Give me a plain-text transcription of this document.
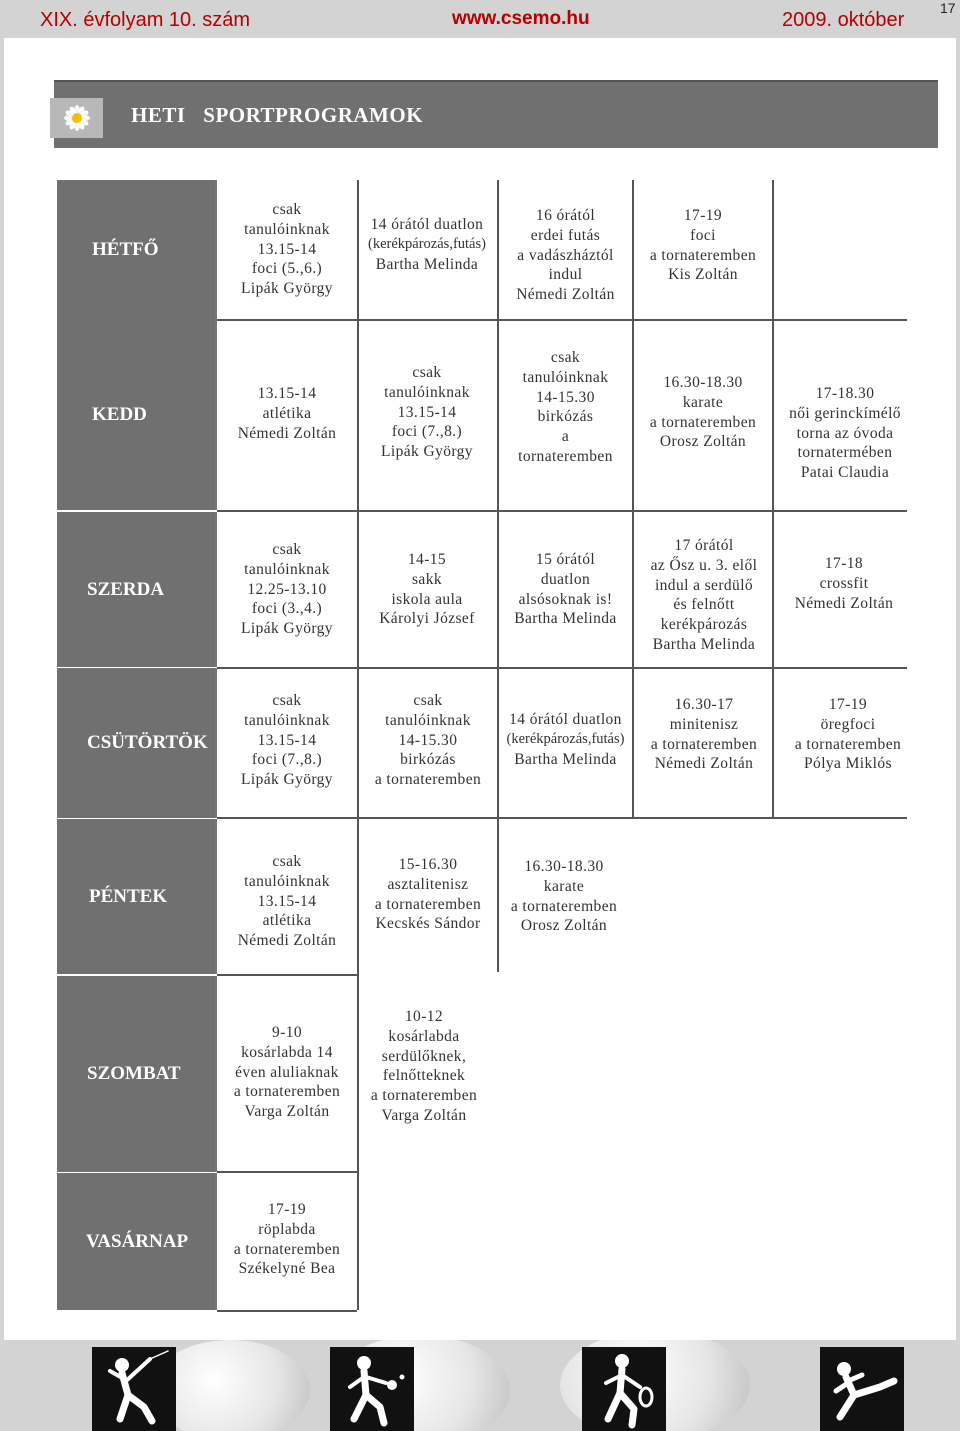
XIX. évfolyam 10. szám	www.csemo.hu	2009. október
17
HETI SPORTPROGRAMOK
HÉTFŐ
KEDD
SZERDA
CSÜTÖRTÖK
PÉNTEK
SZOMBAT
VASÁRNAP
csak
tanulóinknak
13.15-14
foci (5.,6.)
Lipák György
14 órától duatlon
(kerékpározás,futás)
Bartha Melinda
16 órától
erdei futás
a vadászháztól
indul
Némedi Zoltán
17-19
foci
a tornateremben
Kis Zoltán
13.15-14
atlétika
Némedi Zoltán
csak
tanulóinknak
13.15-14
foci (7.,8.)
Lipák György
csak
tanulóinknak
14-15.30
birkózás
a
tornateremben
16.30-18.30
karate
a tornateremben
Orosz Zoltán
17-18.30
női gerinckímélő
torna az óvoda
tornatermében
Patai Claudia
csak
tanulóinknak
12.25-13.10
foci (3.,4.)
Lipák György
14-15
sakk
iskola aula
Károlyi József
15 órától
duatlon
alsósoknak is!
Bartha Melinda
17 órától
az Ősz u. 3. elől
indul a serdülő
és felnőtt
kerékpározás
Bartha Melinda
17-18
crossfit
Némedi Zoltán
csak
tanulóinknak
13.15-14
foci (7.,8.)
Lipák György
csak
tanulóinknak
14-15.30
birkózás
a tornateremben
14 órától duatlon
(kerékpározás,futás)
Bartha Melinda
16.30-17
minitenisz
a tornateremben
Némedi Zoltán
17-19
öregfoci
a tornateremben
Pólya Miklós
csak
tanulóinknak
13.15-14
atlétika
Némedi Zoltán
15-16.30
asztalitenisz
a tornateremben
Kecskés Sándor
16.30-18.30
karate
a tornateremben
Orosz Zoltán
9-10
kosárlabda 14
éven aluliaknak
a tornateremben
Varga Zoltán
10-12
kosárlabda
serdülőknek,
felnőtteknek
a tornateremben
Varga Zoltán
17-19
röplabda
a tornateremben
Székelyné Bea
